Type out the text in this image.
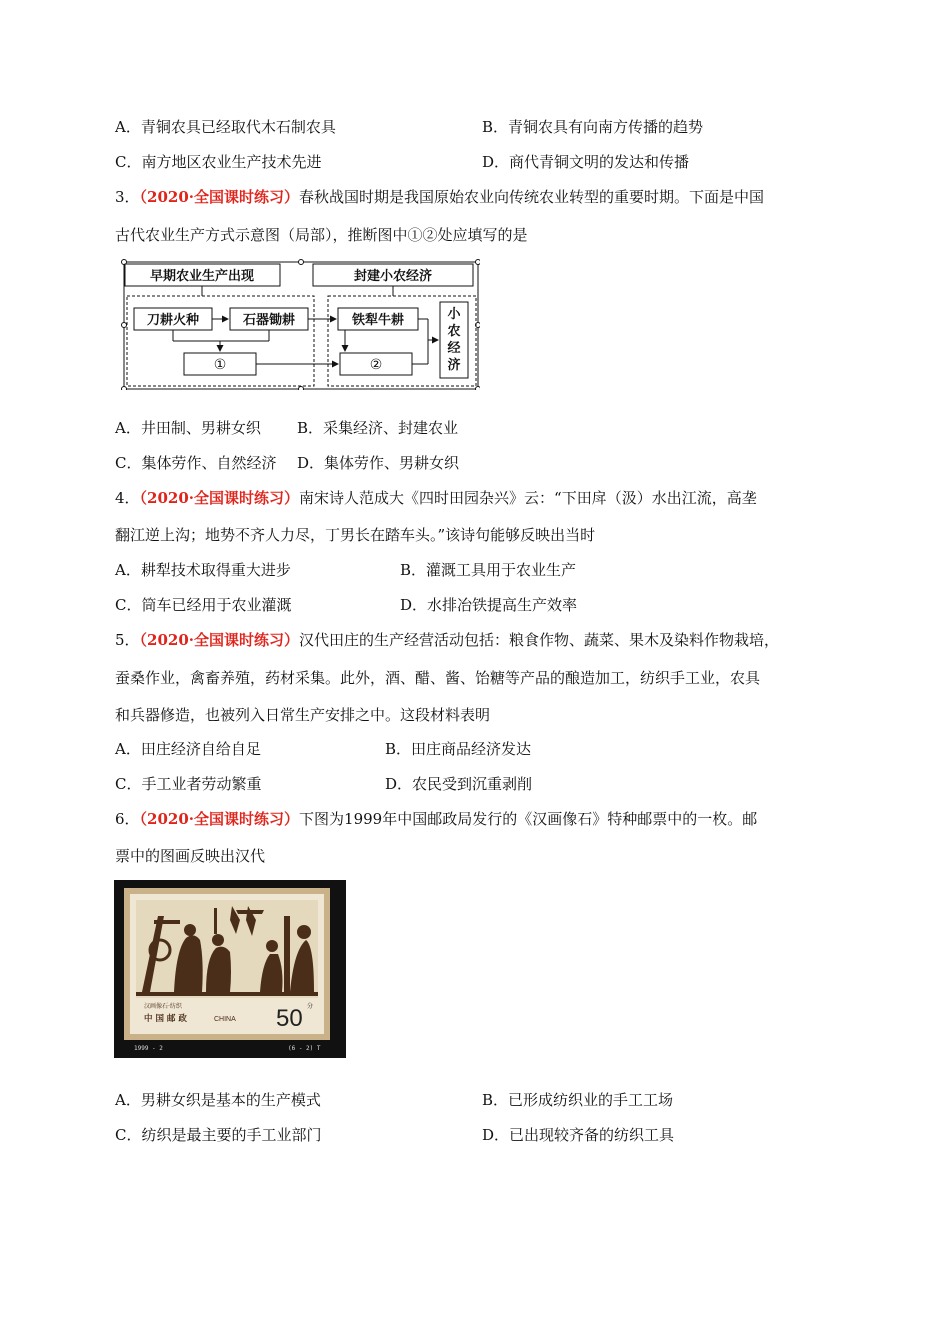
A．青铜农具已经取代木石制农具	B．青铜农具有向南方传播的趋势
C．南方地区农业生产技术先进	D．商代青铜文明的发达和传播
3．（2020·全国课时练习）春秋战国时期是我国原始农业向传统农业转型的重要时期。下面是中国
古代农业生产方式示意图（局部），推断图中①②处应填写的是
早期农业生产出现	封建小农经济
刀耕火种	石器锄耕	铁犁牛耕
①	②
小
农
经
济
A．井田制、男耕女织 B．采集经济、封建农业
C．集体劳作、自然经济 D．集体劳作、男耕女织
4．（2020·全国课时练习）南宋诗人范成大《四时田园杂兴》云：“下田戽（汲）水出江流，高垄
翻江逆上沟；地势不齐人力尽，丁男长在踏车头。”该诗句能够反映出当时
A．耕犁技术取得重大进步	B．灌溉工具用于农业生产
C．筒车已经用于农业灌溉	D．水排冶铁提高生产效率
5．（2020·全国课时练习）汉代田庄的生产经营活动包括：粮食作物、蔬菜、果木及染料作物栽培，
蚕桑作业，禽畜养殖，药材采集。此外，酒、醋、酱、饴糖等产品的酿造加工，纺织手工业，农具
和兵器修造，也被列入日常生产安排之中。这段材料表明
A．田庄经济自给自足	B．田庄商品经济发达
C．手工业者劳动繁重	D．农民受到沉重剥削
6．（2020·全国课时练习）下图为1999年中国邮政局发行的《汉画像石》特种邮票中的一枚。邮
票中的图画反映出汉代
汉画像石·纺织
中 国 邮 政	CHINA 50 分
1999 - 2	(6 - 2) T
A．男耕女织是基本的生产模式	B．已形成纺织业的手工工场
C．纺织是最主要的手工业部门	D．已出现较齐备的纺织工具
